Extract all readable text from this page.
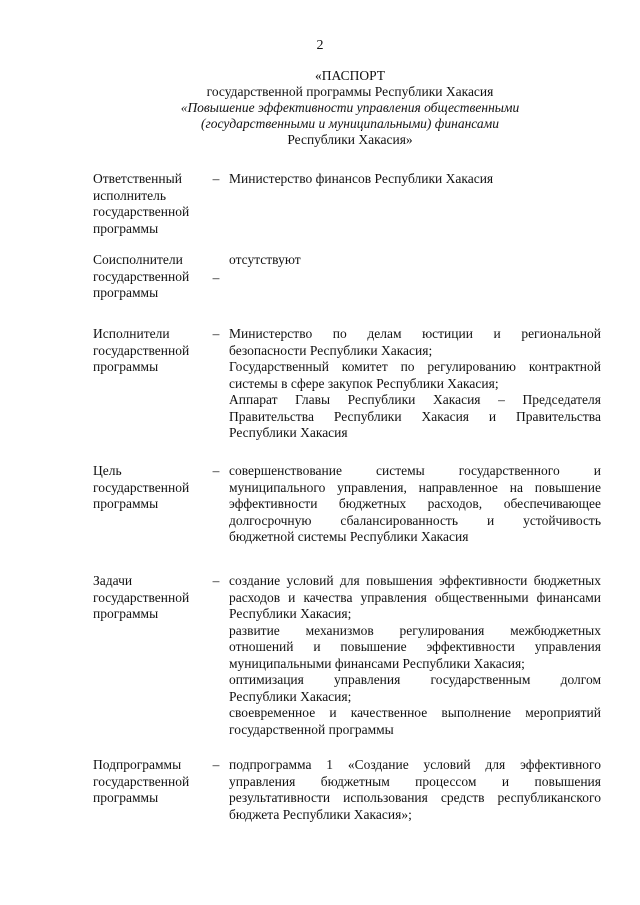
2
«ПАСПОРТ
государственной программы Республики Хакасия
«Повышение эффективности управления общественными
(государственными и муниципальными) финансами
Республики Хакасия»
Ответственный
исполнитель
государственной
программы
– Министерство финансов Республики Хакасия
Соисполнители
государственной
программы
–
отсутствуют
Исполнители
государственной
программы
– Министерство по делам юстиции и региональной
безопасности Республики Хакасия;
Государственный комитет по регулированию контрактной
системы в сфере закупок Республики Хакасия;
Аппарат Главы Республики Хакасия – Председателя
Правительства Республики Хакасия и Правительства
Республики Хакасия
Цель
государственной
программы
– совершенствование системы государственного и
муниципального управления, направленное на повышение
эффективности бюджетных расходов, обеспечивающее
долгосрочную сбалансированность и устойчивость
бюджетной системы Республики Хакасия
Задачи
государственной
программы
– создание условий для повышения эффективности бюджетных
расходов и качества управления общественными финансами
Республики Хакасия;
развитие механизмов регулирования межбюджетных
отношений и повышение эффективности управления
муниципальными финансами Республики Хакасия;
оптимизация управления государственным долгом
Республики Хакасия;
своевременное и качественное выполнение мероприятий
государственной программы
Подпрограммы
государственной
программы
– подпрограмма 1 «Создание условий для эффективного
управления бюджетным процессом и повышения
результативности использования средств республиканского
бюджета Республики Хакасия»;
